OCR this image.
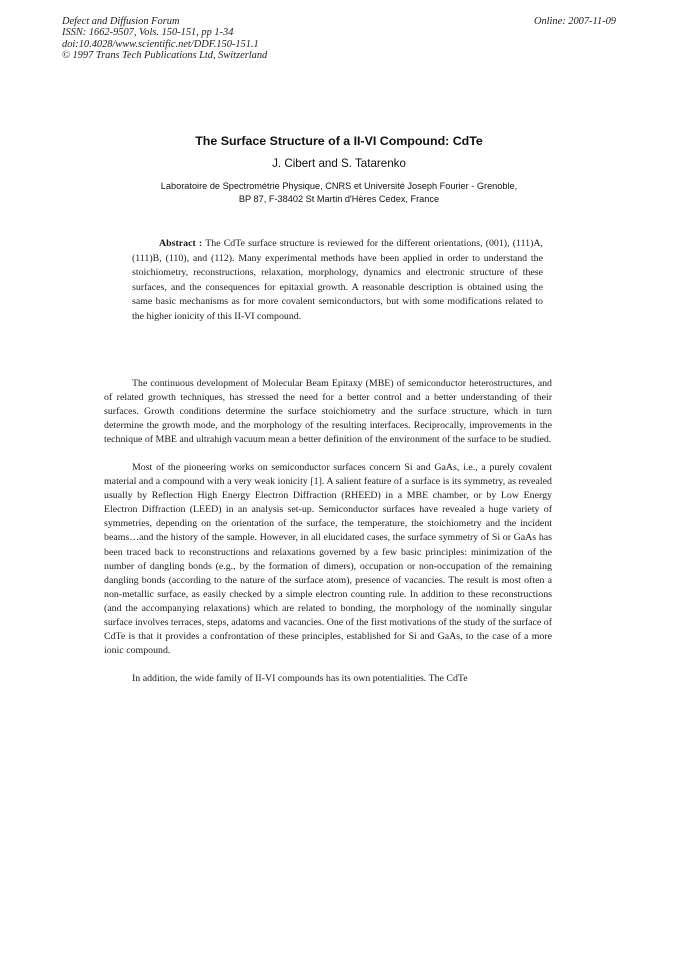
Defect and Diffusion Forum
ISSN: 1662-9507, Vols. 150-151, pp 1-34
doi:10.4028/www.scientific.net/DDF.150-151.1
© 1997 Trans Tech Publications Ltd, Switzerland
Online: 2007-11-09
The Surface Structure of a II-VI Compound: CdTe
J. Cibert and S. Tatarenko
Laboratoire de Spectrométrie Physique, CNRS et Université Joseph Fourier - Grenoble,
BP 87, F-38402 St Martin d'Hères Cedex, France
Abstract : The CdTe surface structure is reviewed for the different orientations, (001), (111)A, (111)B, (110), and (112). Many experimental methods have been applied in order to understand the stoichiometry, reconstructions, relaxation, morphology, dynamics and electronic structure of these surfaces, and the consequences for epitaxial growth. A reasonable description is obtained using the same basic mechanisms as for more covalent semiconductors, but with some modifications related to the higher ionicity of this II-VI compound.

The continuous development of Molecular Beam Epitaxy (MBE) of semiconductor heterostructures, and of related growth techniques, has stressed the need for a better control and a better understanding of their surfaces. Growth conditions determine the surface stoichiometry and the surface structure, which in turn determine the growth mode, and the morphology of the resulting interfaces. Reciprocally, improvements in the technique of MBE and ultrahigh vacuum mean a better definition of the environment of the surface to be studied.

Most of the pioneering works on semiconductor surfaces concern Si and GaAs, i.e., a purely covalent material and a compound with a very weak ionicity [1]. A salient feature of a surface is its symmetry, as revealed usually by Reflection High Energy Electron Diffraction (RHEED) in a MBE chamber, or by Low Energy Electron Diffraction (LEED) in an analysis set-up. Semiconductor surfaces have revealed a huge variety of symmetries, depending on the orientation of the surface, the temperature, the stoichiometry and the incident beams…and the history of the sample. However, in all elucidated cases, the surface symmetry of Si or GaAs has been traced back to reconstructions and relaxations governed by a few basic principles: minimization of the number of dangling bonds (e.g., by the formation of dimers), occupation or non-occupation of the remaining dangling bonds (according to the nature of the surface atom), presence of vacancies. The result is most often a non-metallic surface, as easily checked by a simple electron counting rule. In addition to these reconstructions (and the accompanying relaxations) which are related to bonding, the morphology of the nominally singular surface involves terraces, steps, adatoms and vacancies. One of the first motivations of the study of the surface of CdTe is that it provides a confrontation of these principles, established for Si and GaAs, to the case of a more ionic compound.

In addition, the wide family of II-VI compounds has its own potentialities. The CdTe
